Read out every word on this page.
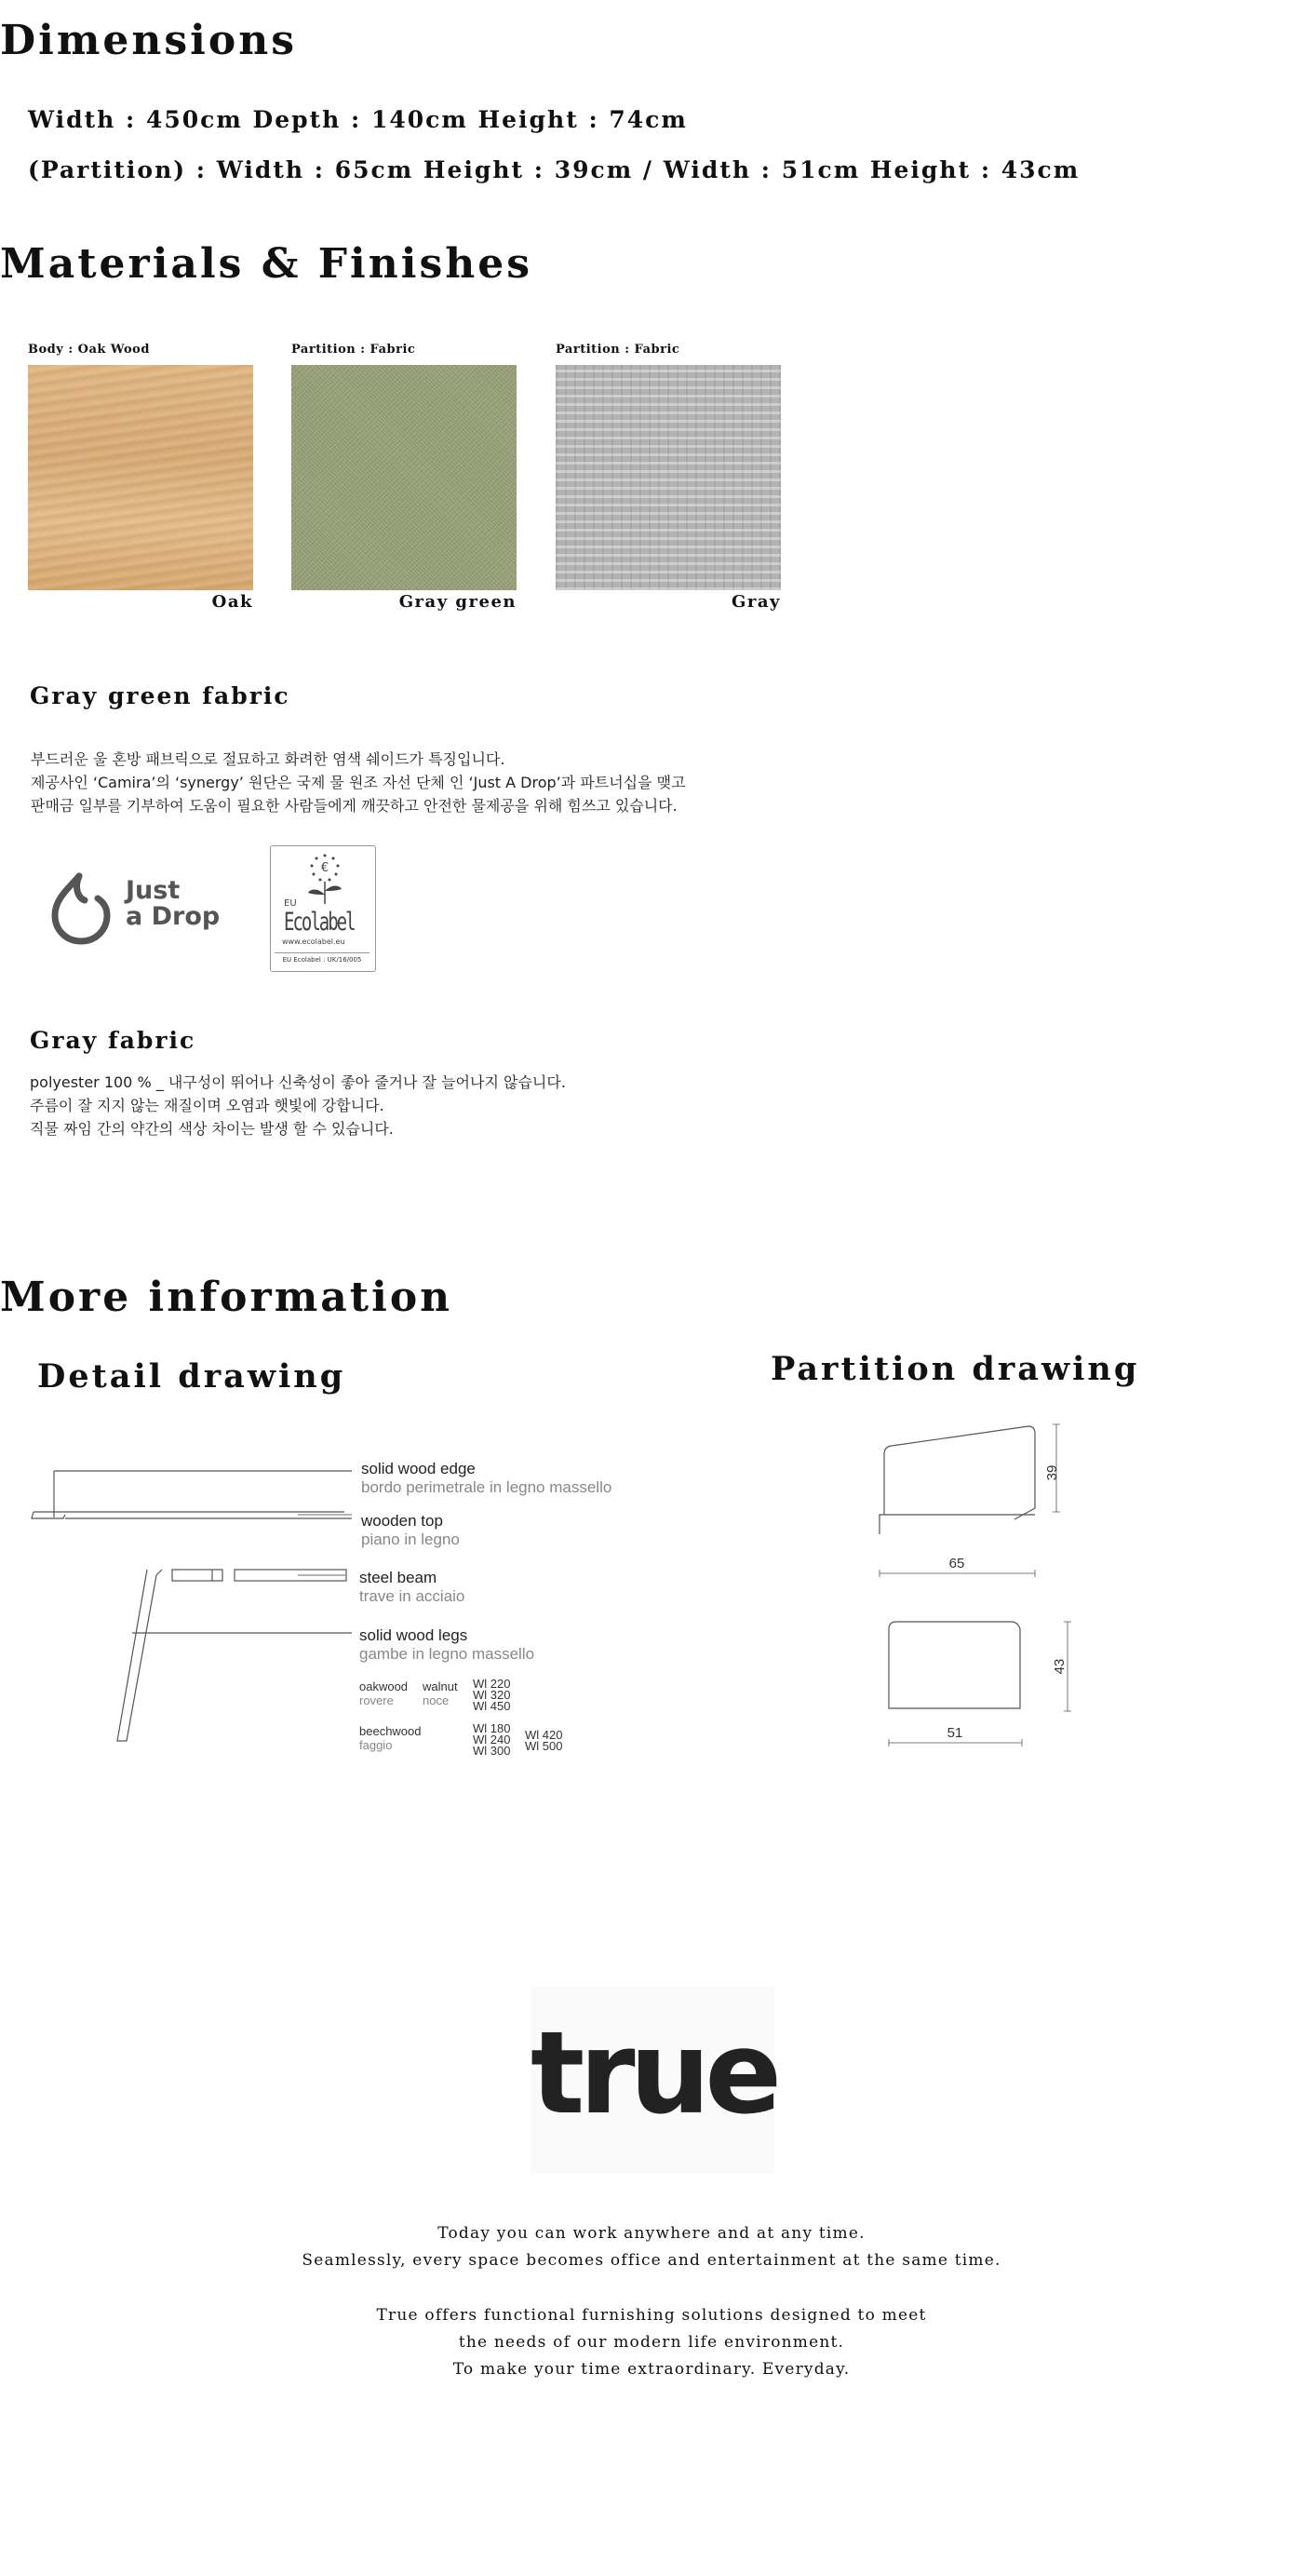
Dimensions
Width : 450cm Depth : 140cm Height : 74cm
(Partition) : Width : 65cm Height : 39cm / Width : 51cm Height : 43cm
Materials & Finishes
Body : Oak Wood
Oak
Partition : Fabric
Gray green
Partition : Fabric
Gray
Gray green fabric
부드러운 울 혼방 패브릭으로 절묘하고 화려한 염색 쉐이드가 특징입니다.
제공사인 ‘Camira’의 ‘synergy’ 원단은 국제 물 원조 자선 단체 인 ‘Just A Drop’과 파트너십을 맺고
판매금 일부를 기부하여 도움이 필요한 사람들에게 깨끗하고 안전한 물제공을 위해 힘쓰고 있습니다.
Just
a Drop
€
EU
Ecolabel
www.ecolabel.eu
EU Ecolabel : UK/16/005
Gray fabric
polyester 100 % _ 내구성이 뛰어나 신축성이 좋아 줄거나 잘 늘어나지 않습니다.
주름이 잘 지지 않는 재질이며 오염과 햇빛에 강합니다.
직물 짜임 간의 약간의 색상 차이는 발생 할 수 있습니다.
More information
Detail drawing	Partition drawing
solid wood edge
bordo perimetrale in legno massello
wooden top
piano in legno
steel beam
trave in acciaio
solid wood legs
gambe in legno massello
oakwood
rovere
walnut
noce
Wl 220
Wl 320
Wl 450
beechwood
faggio
Wl 180
Wl 240
Wl 300
Wl 420
Wl 500
39
65
43
51
true
Today you can work anywhere and at any time.
Seamlessly, every space becomes office and entertainment at the same time.
True offers functional furnishing solutions designed to meet
the needs of our modern life environment.
To make your time extraordinary. Everyday.
